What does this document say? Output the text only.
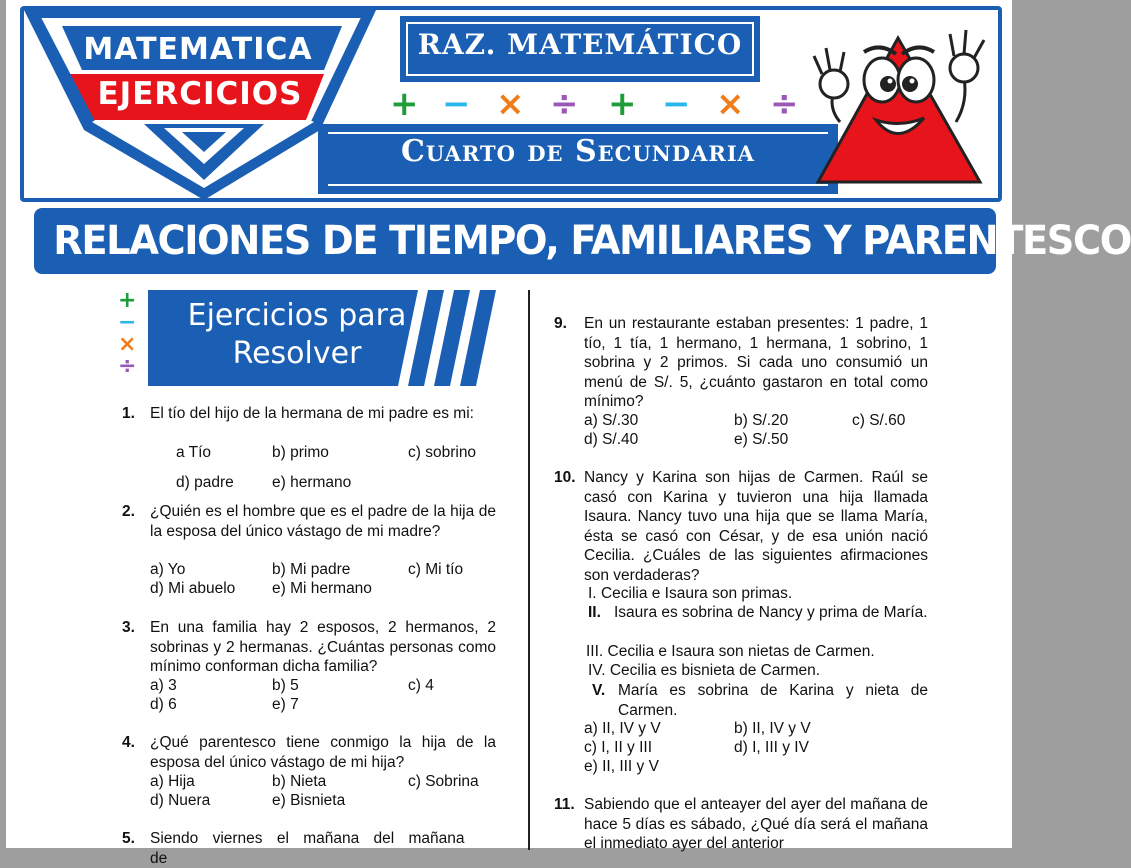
MATEMATICA
EJERCICIOS
RAZ. MATEMÁTICO
+ − × ÷ + − × ÷
Cuarto de Secundaria
RELACIONES DE TIEMPO, FAMILIARES Y PARENTESCO
+
−
×
÷
Ejercicios para
Resolver
1. El tío del hijo de la hermana de mi padre es mi:
a Tío	b) primo	c) sobrino
d) padre e) hermano
2. ¿Quién es el hombre que es el padre de la hija de la esposa del único vástago de mi madre?
a) Yo	b) Mi padre	c) Mi tío
d) Mi abuelo e) Mi hermano
3. En una familia hay 2 esposos, 2 hermanos, 2 sobrinas y 2 hermanas. ¿Cuántas personas como mínimo conforman dicha familia?
a) 3	b) 5	c) 4
d) 6	e) 7
4. ¿Qué parentesco tiene conmigo la hija de la esposa del único vástago de mi hija?
a) Hija	b) Nieta	c) Sobrina
d) Nuera	e) Bisnieta
5. Siendo viernes el mañana del mañana de
9. En un restaurante estaban presentes: 1 padre, 1 tío, 1 tía, 1 hermano, 1 hermana, 1 sobrino, 1 sobrina y 2 primos. Si cada uno consumió un menú de S/. 5, ¿cuánto gastaron en total como mínimo?
a) S/.30	b) S/.20	c) S/.60
d) S/.40	e) S/.50
10. Nancy y Karina son hijas de Carmen. Raúl se casó con Karina y tuvieron una hija llamada Isaura. Nancy tuvo una hija que se llama María, ésta se casó con César, y de esa unión nació Cecilia. ¿Cuáles de las siguientes afirmaciones son verdaderas?
I. Cecilia e Isaura son primas.
II. Isaura es sobrina de Nancy y prima de María.
III. Cecilia e Isaura son nietas de Carmen.
IV. Cecilia es bisnieta de Carmen.
V. María es sobrina de Karina y nieta de Carmen.
a) II, IV y V	b) II, IV y V
c) I, II y III	d) I, III y IV
e) II, III y V
11. Sabiendo que el anteayer del ayer del mañana de hace 5 días es sábado, ¿Qué día será el mañana el inmediato ayer del anterior
